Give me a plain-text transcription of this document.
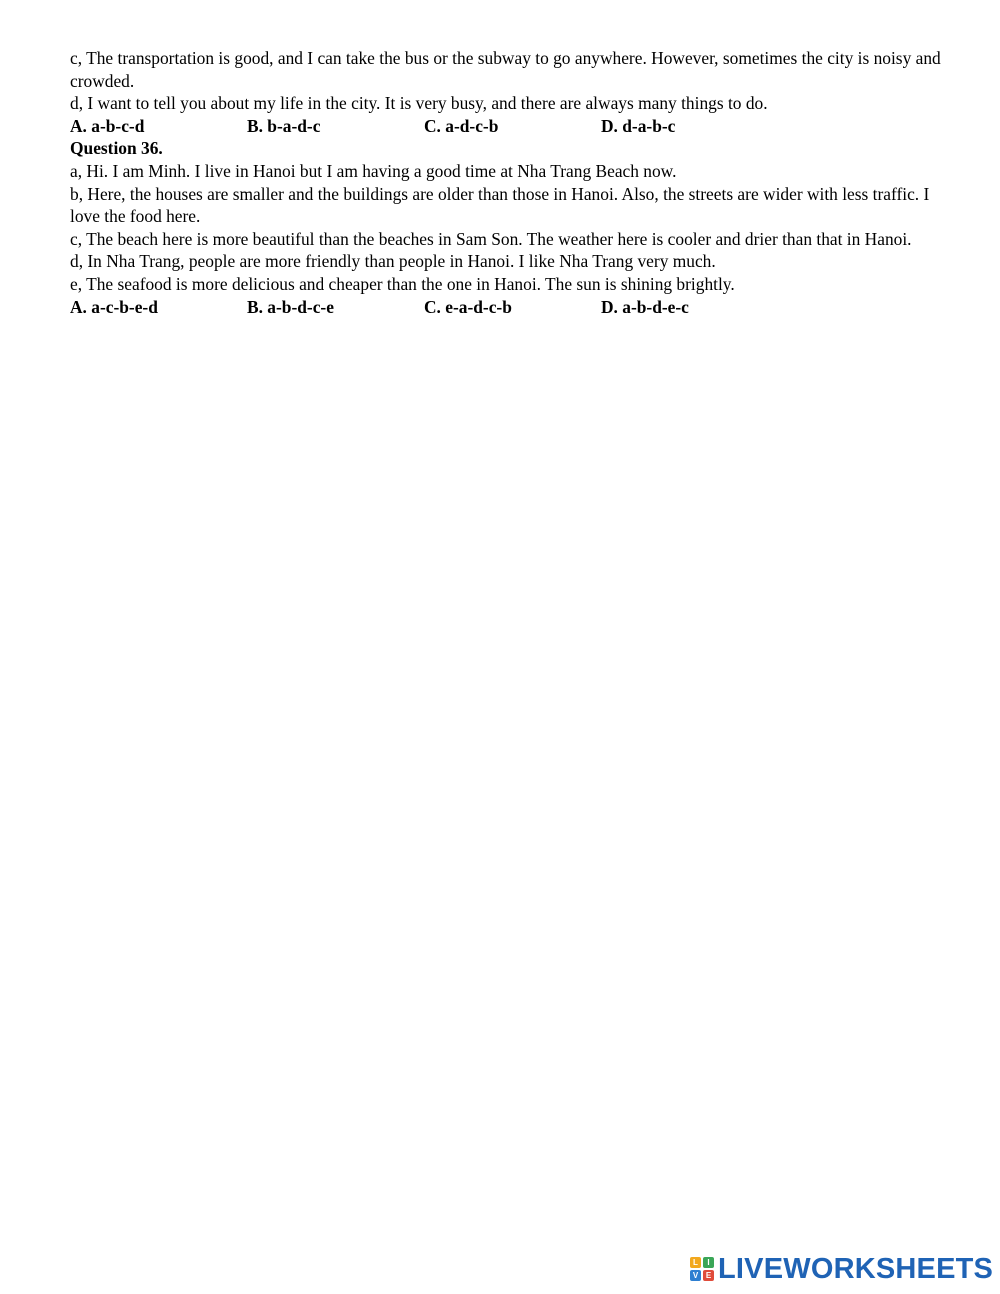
c, The transportation is good, and I can take the bus or the subway to go anywhere. However, sometimes the city is noisy and crowded.

d, I want to tell you about my life in the city. It is very busy, and there are always many things to do.

A. a-b-c-d	B. b-a-d-c	C. a-d-c-b	D. d-a-b-c

Question 36.

a, Hi. I am Minh. I live in Hanoi but I am having a good time at Nha Trang Beach now.

b, Here, the houses are smaller and the buildings are older than those in Hanoi. Also, the streets are wider with less traffic. I love the food here.

c, The beach here is more beautiful than the beaches in Sam Son. The weather here is cooler and drier than that in Hanoi.

d, In Nha Trang, people are more friendly than people in Hanoi. I like Nha Trang very much.

e, The seafood is more delicious and cheaper than the one in Hanoi. The sun is shining brightly.

A. a-c-b-e-d	B. a-b-d-c-e	C. e-a-d-c-b	D. a-b-d-e-c
L	I
V E LIVEWORKSHEETS
